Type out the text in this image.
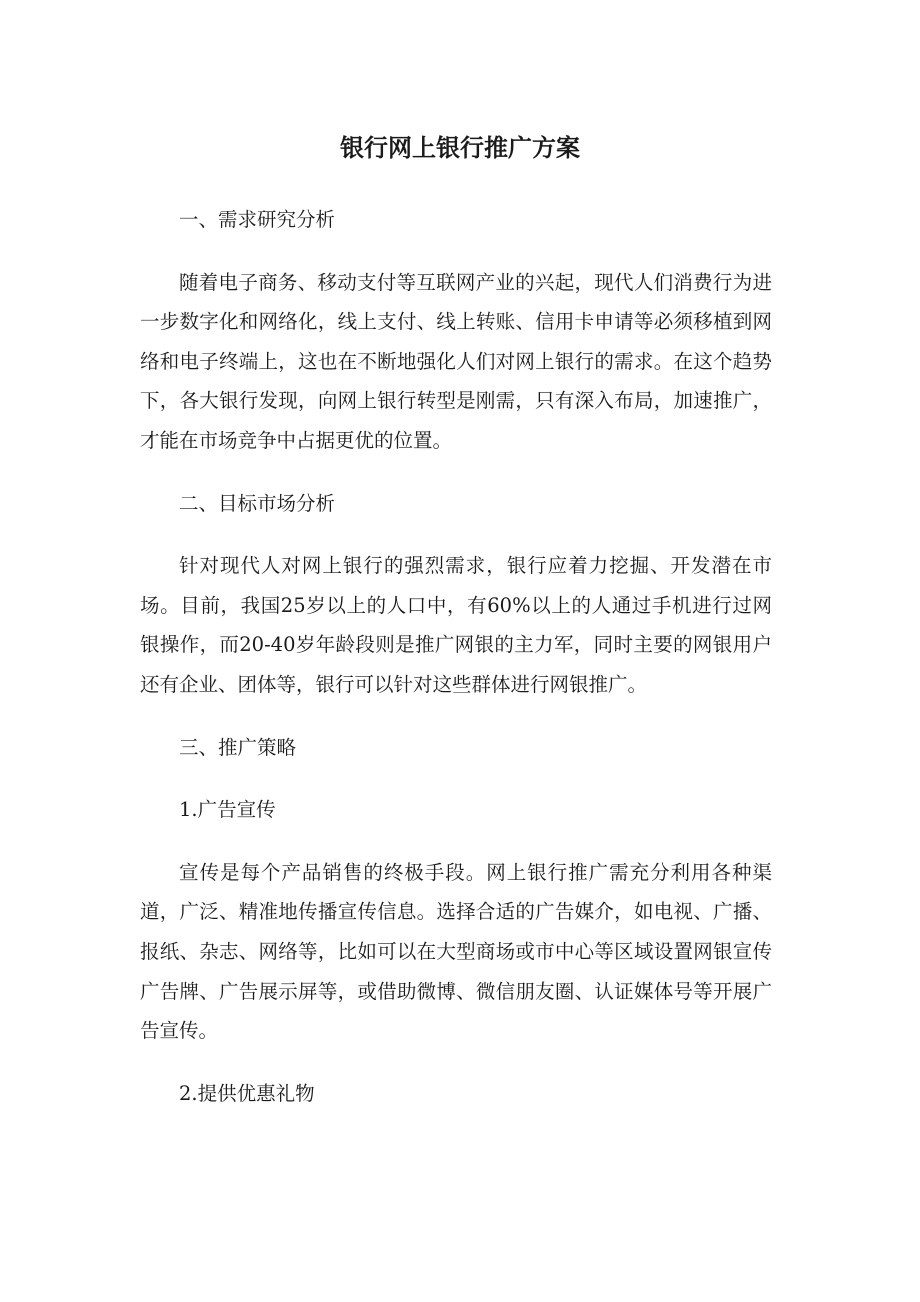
银行网上银行推广方案

一、需求研究分析

随着电子商务、移动支付等互联网产业的兴起，现代人们消费行为进一步数字化和网络化，线上支付、线上转账、信用卡申请等必须移植到网络和电子终端上，这也在不断地强化人们对网上银行的需求。在这个趋势下，各大银行发现，向网上银行转型是刚需，只有深入布局，加速推广，才能在市场竞争中占据更优的位置。

二、目标市场分析

针对现代人对网上银行的强烈需求，银行应着力挖掘、开发潜在市场。目前，我国25岁以上的人口中，有60%以上的人通过手机进行过网银操作，而20-40岁年龄段则是推广网银的主力军，同时主要的网银用户还有企业、团体等，银行可以针对这些群体进行网银推广。

三、推广策略

1.广告宣传

宣传是每个产品销售的终极手段。网上银行推广需充分利用各种渠道，广泛、精准地传播宣传信息。选择合适的广告媒介，如电视、广播、报纸、杂志、网络等，比如可以在大型商场或市中心等区域设置网银宣传广告牌、广告展示屏等，或借助微博、微信朋友圈、认证媒体号等开展广告宣传。

2.提供优惠礼物
